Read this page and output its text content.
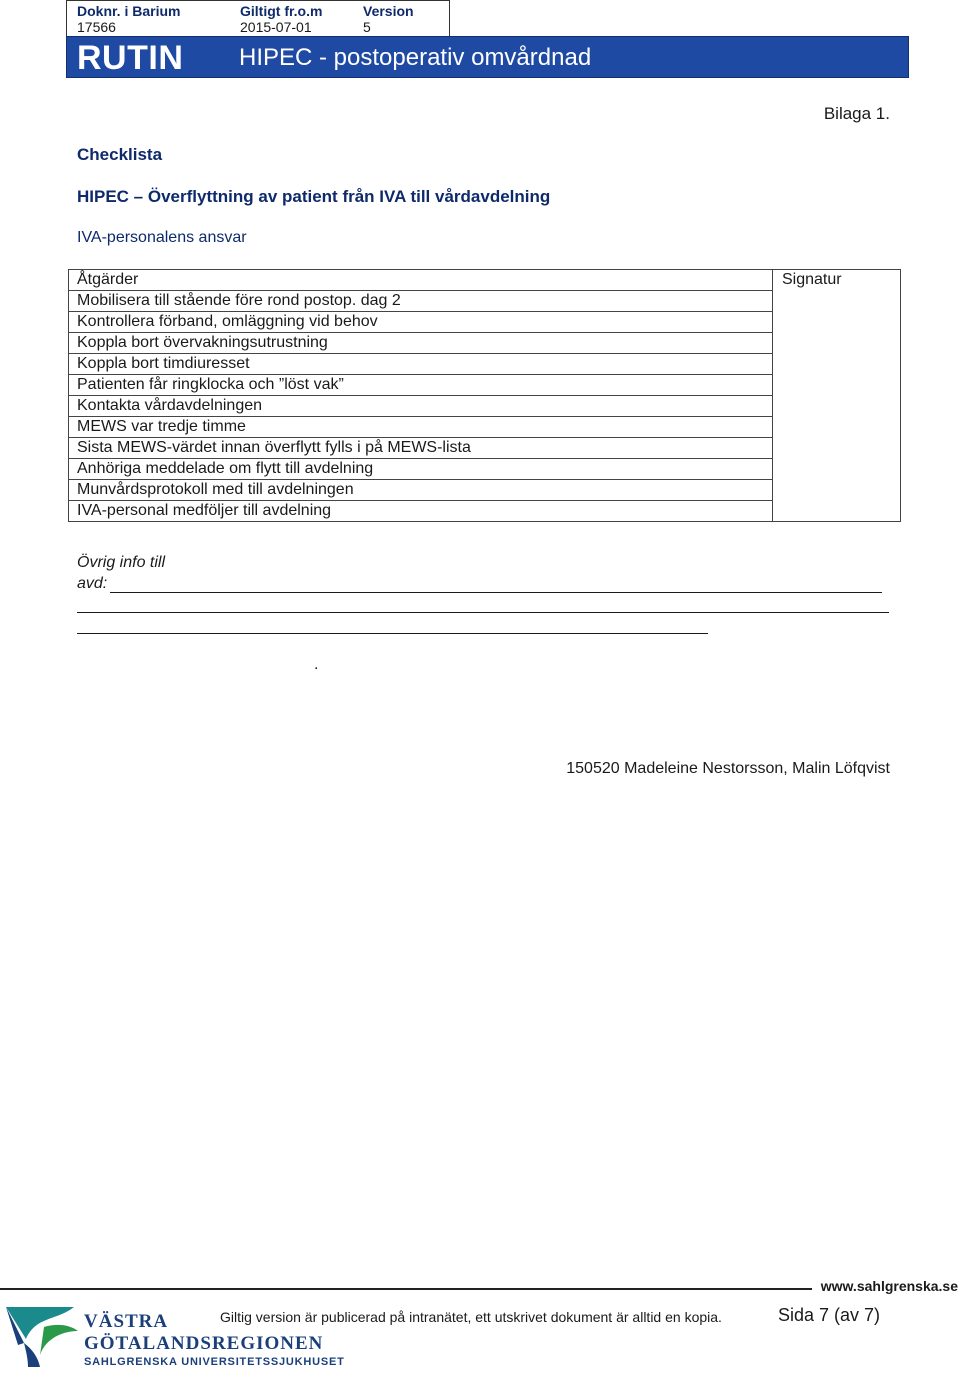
Doknr. i Barium
17566
Giltigt fr.o.m
2015-07-01
Version
5
RUTIN HIPEC - postoperativ omvårdnad
Bilaga 1.
Checklista
HIPEC – Överflyttning av patient från IVA till vårdavdelning
IVA-personalens ansvar
Åtgärder	Signatur
Mobilisera till stående före rond postop. dag 2
Kontrollera förband, omläggning vid behov
Koppla bort övervakningsutrustning
Koppla bort timdiuresset
Patienten får ringklocka och ”löst vak”
Kontakta vårdavdelningen
MEWS var tredje timme
Sista MEWS-värdet innan överflytt fylls i på MEWS-lista
Anhöriga meddelade om flytt till avdelning
Munvårdsprotokoll med till avdelningen
IVA-personal medföljer till avdelning
Övrig info till
avd:
.
150520 Madeleine Nestorsson, Malin Löfqvist
www.sahlgrenska.se
VÄSTRA
GÖTALANDSREGIONEN
SAHLGRENSKA UNIVERSITETSSJUKHUSET
Giltig version är publicerad på intranätet, ett utskrivet dokument är alltid en kopia.	Sida 7 (av 7)
